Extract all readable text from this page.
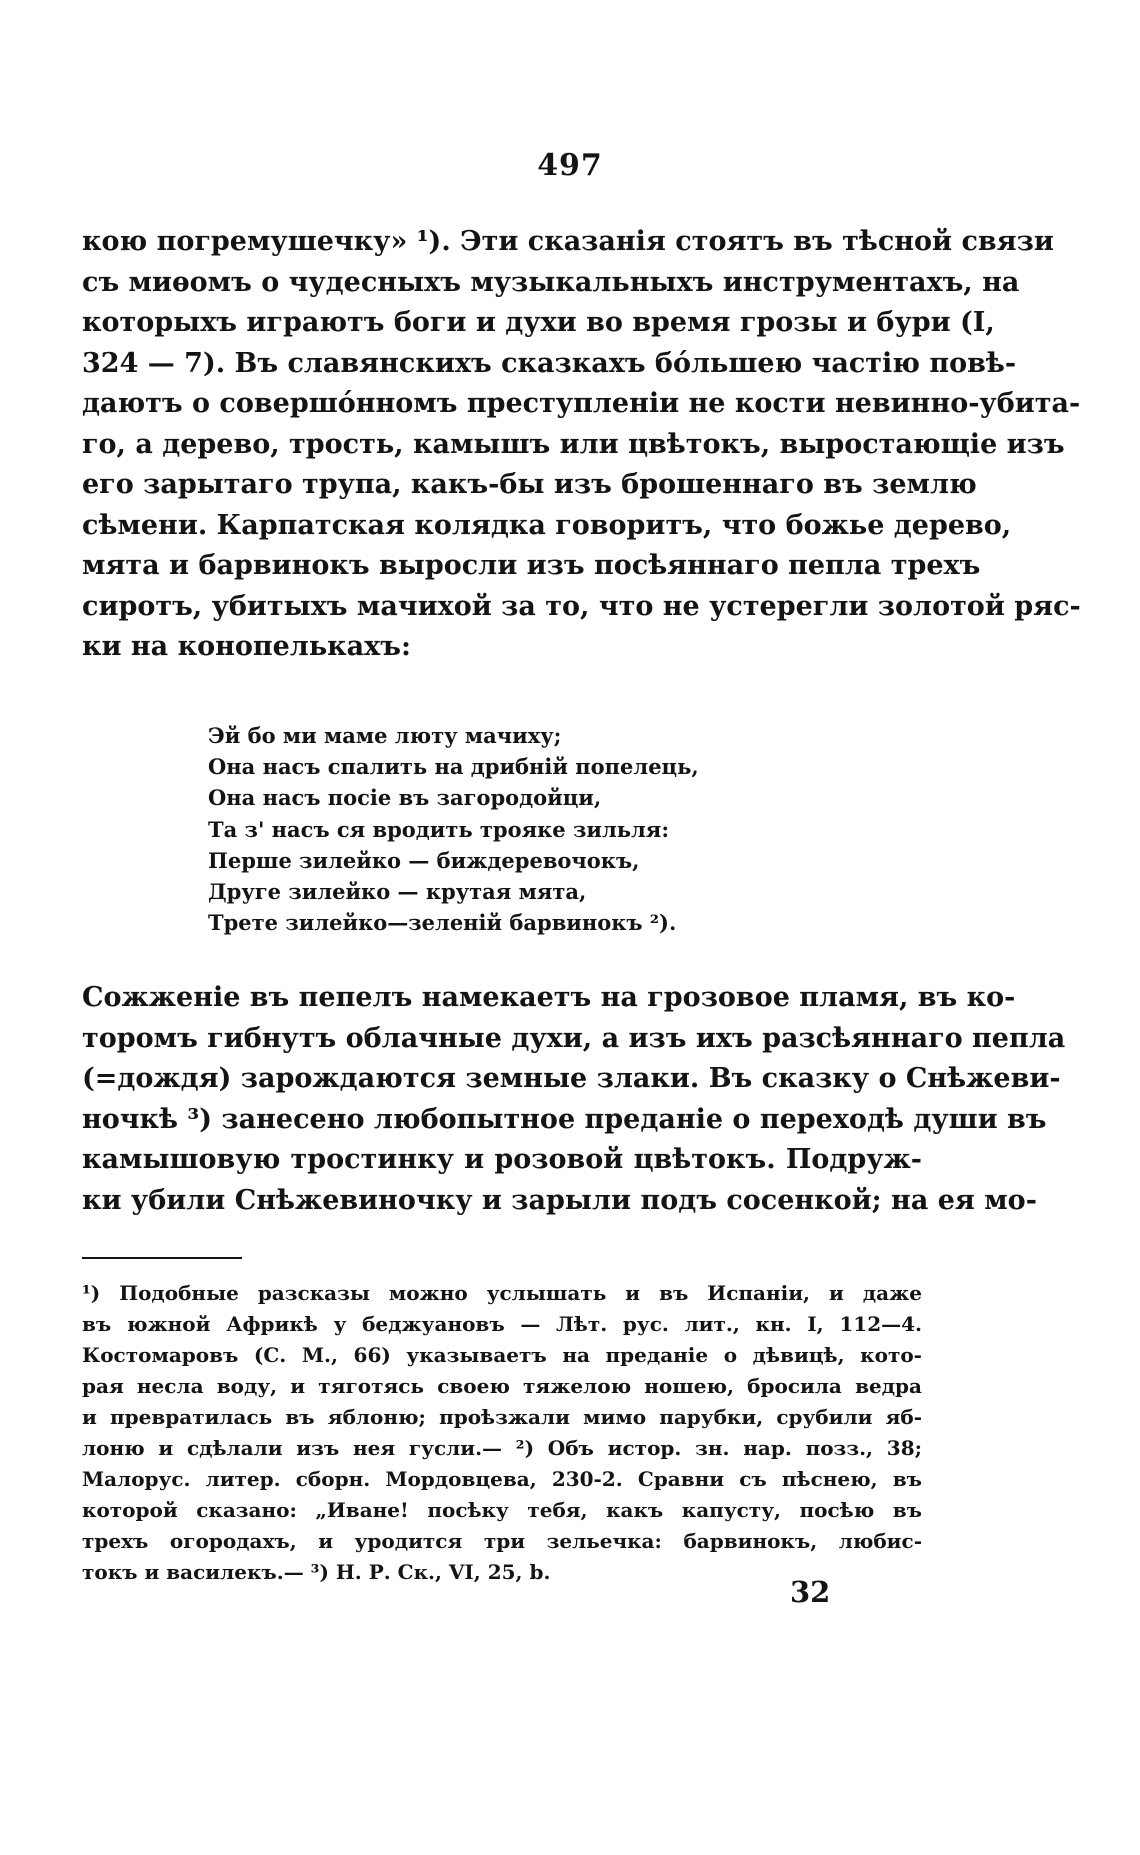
497
кою погремушечку» ¹). Эти сказанія стоятъ въ тѣсной связи
съ миѳомъ о чудесныхъ музыкальныхъ инструментахъ, на
которыхъ играютъ боги и духи во время грозы и бури (I,
324 — 7). Въ славянскихъ сказкахъ бо́льшею частію повѣ-
даютъ о совершо́нномъ преступленіи не кости невинно-убита-
го, а дерево, трость, камышъ или цвѣтокъ, выростающіе изъ
его зарытаго трупа, какъ-бы изъ брошеннаго въ землю
сѣмени. Карпатская колядка говоритъ, что божье дерево,
мята и барвинокъ выросли изъ посѣяннаго пепла трехъ
сиротъ, убитыхъ мачихой за то, что не устерегли золотой ряс-
ки на конопелькахъ:
Эй бо ми маме люту мачиху;
Она насъ спалить на дрибній попелець,
Она насъ посіе въ загородойци,
Та з' насъ ся вродить трояке зильля:
Перше зилейко — биждеревочокъ,
Друге зилейко — крутая мята,
Трете зилейко—зеленій барвинокъ ²).
Сожженіе въ пепелъ намекаетъ на грозовое пламя, въ ко-
торомъ гибнутъ облачные духи, а изъ ихъ разсѣяннаго пепла
(=дождя) зарождаются земные злаки. Въ сказку о Снѣжеви-
ночкѣ ³) занесено любопытное преданіе о переходѣ души въ
камышовую тростинку и розовой цвѣтокъ. Подруж-
ки убили Снѣжевиночку и зарыли подъ сосенкой; на ея мо-
¹) Подобные разсказы можно услышать и въ Испаніи, и даже
въ южной Африкѣ у беджуановъ — Лѣт. рус. лит., кн. I, 112—4.
Костомаровъ (С. М., 66) указываетъ на преданіе о дѣвицѣ, кото-
рая несла воду, и тяготясь своею тяжелою ношею, бросила ведра
и превратилась въ яблоню; проѣзжали мимо парубки, срубили яб-
лоню и сдѣлали изъ нея гусли.— ²) Объ истор. зн. нар. позз., 38;
Малорус. литер. сборн. Мордовцева, 230-2. Сравни съ пѣснею, въ
которой сказано: „Иване! посѣку тебя, какъ капусту, посѣю въ
трехъ огородахъ, и уродится три зельечка: барвинокъ, любис-
токъ и василекъ.— ³) Н. Р. Ск., VI, 25, b.
32
